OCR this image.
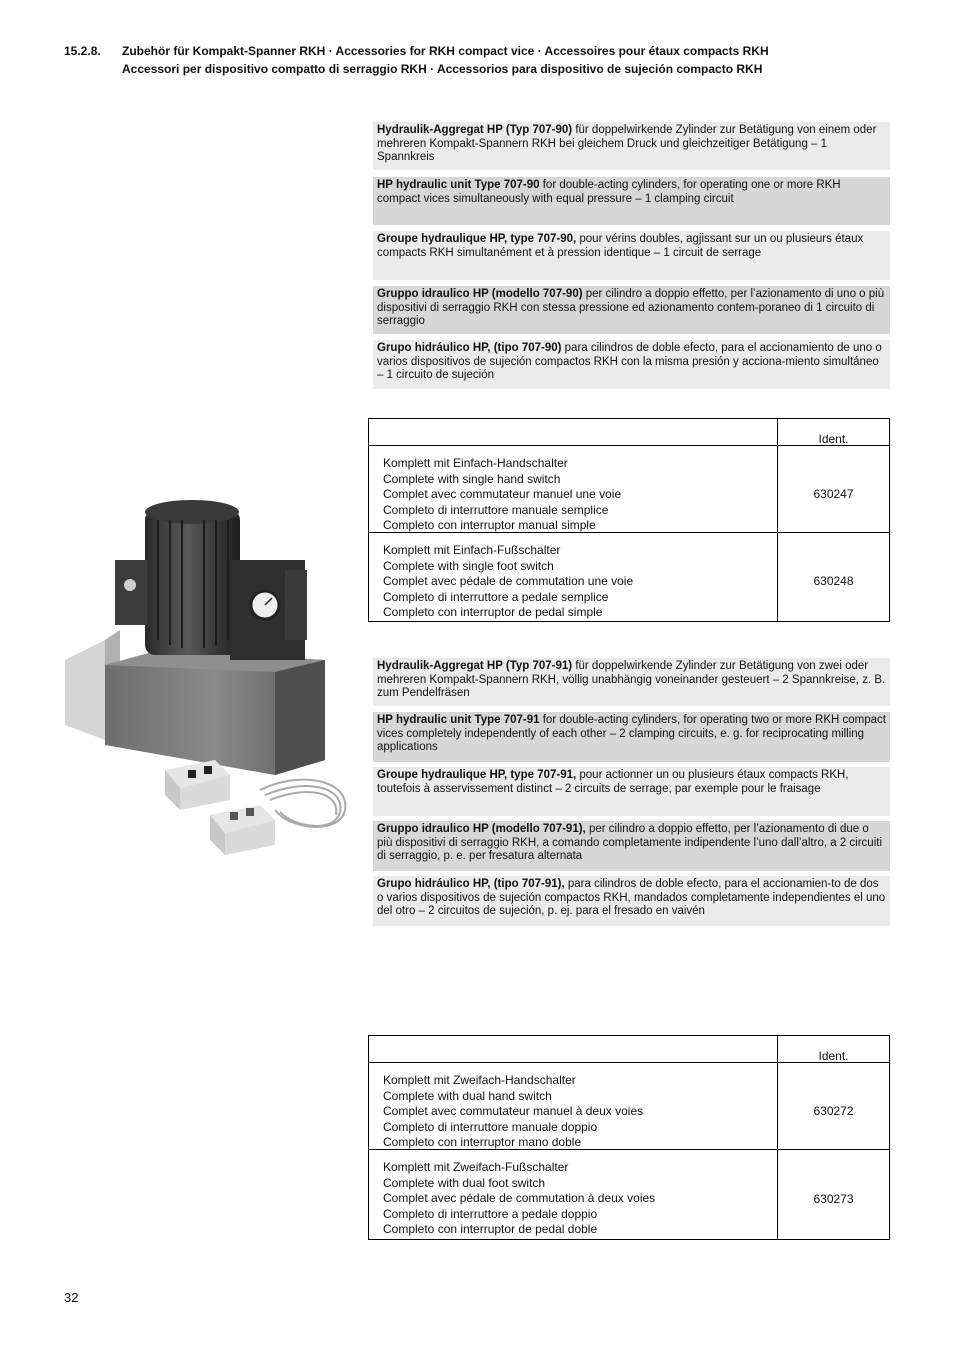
15.2.8. Zubehör für Kompakt-Spanner RKH · Accessories for RKH compact vice · Accessoires pour étaux compacts RKH
Accessori per dispositivo compatto di serraggio RKH · Accessorios para dispositivo de sujeción compacto RKH
Hydraulik-Aggregat HP (Typ 707-90) für doppelwirkende Zylinder zur Betätigung von einem oder mehreren Kompakt-Spannern RKH bei gleichem Druck und gleichzeitiger Betätigung – 1 Spannkreis
HP hydraulic unit Type 707-90 for double-acting cylinders, for operating one or more RKH compact vices simultaneously with equal pressure – 1 clamping circuit
Groupe hydraulique HP, type 707-90, pour vérins doubles, agjissant sur un ou plusieurs étaux compacts RKH simultanément et à pression identique – 1 circuit de serrage
Gruppo idraulico HP (modello 707-90) per cilindro a doppio effetto, per l’azionamento di uno o più dispositivi di serraggio RKH con stessa pressione ed azionamento contem-poraneo di 1 circuito di serraggio
Grupo hidráulico HP, (tipo 707-90) para cilindros de doble efecto, para el accionamiento de uno o varios dispositivos de sujeción compactos RKH con la misma presión y acciona-miento simultáneo – 1 circuito de sujeción
Ident.
Komplett mit Einfach-Handschalter
Complete with single hand switch
Complet avec commutateur manuel une voie
Completo di interruttore manuale semplice
Completo con interruptor manual simple
630247
Komplett mit Einfach-Fußschalter
Complete with single foot switch
Complet avec pédale de commutation une voie
Completo di interruttore a pedale semplice
Completo con interruptor de pedal simple
630248
Hydraulik-Aggregat HP (Typ 707-91) für doppelwirkende Zylinder zur Betätigung von zwei oder mehreren Kompakt-Spannern RKH, völlig unabhängig voneinander gesteuert – 2 Spannkreise, z. B. zum Pendelfräsen
HP hydraulic unit Type 707-91 for double-acting cylinders, for operating two or more RKH compact vices completely independently of each other – 2 clamping circuits, e. g. for reciprocating milling applications
Groupe hydraulique HP, type 707-91, pour actionner un ou plusieurs étaux compacts RKH, toutefois à asservissement distinct – 2 circuits de serrage, par exemple pour le fraisage
Gruppo idraulico HP (modello 707-91), per cilindro a doppio effetto, per l’azionamento di due o più dispositivi di serraggio RKH, a comando completamente indipendente l’uno dall’altro, a 2 circuiti di serraggio, p. e. per fresatura alternata
Grupo hidráulico HP, (tipo 707-91), para cilindros de doble efecto, para el accionamien-to de dos o varios dispositivos de sujeción compactos RKH, mandados completamente independientes el uno del otro – 2 circuitos de sujeción, p. ej. para el fresado en vaivén
Ident.
Komplett mit Zweifach-Handschalter
Complete with dual hand switch
Complet avec commutateur manuel à deux voies
Completo di interruttore manuale doppio
Completo con interruptor mano doble
630272
Komplett mit Zweifach-Fußschalter
Complete with dual foot switch
Complet avec pédale de commutation à deux voies
Completo di interruttore a pedale doppio
Completo con interruptor de pedal doble
630273
32
